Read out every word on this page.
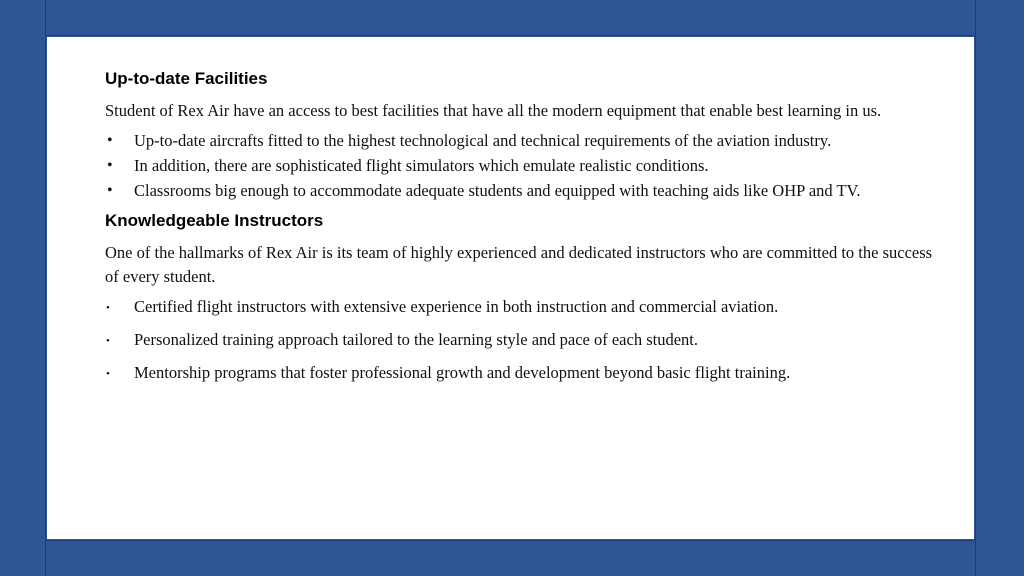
Up-to-date Facilities

Student of Rex Air have an access to best facilities that have all the modern equipment that enable best learning in us.

• Up-to-date aircrafts fitted to the highest technological and technical requirements of the aviation industry.
• In addition, there are sophisticated flight simulators which emulate realistic conditions.
• Classrooms big enough to accommodate adequate students and equipped with teaching aids like OHP and TV.
Knowledgeable Instructors

One of the hallmarks of Rex Air is its team of highly experienced and dedicated instructors who are committed to the success of every student.

• Certified flight instructors with extensive experience in both instruction and commercial aviation.
• Personalized training approach tailored to the learning style and pace of each student.
• Mentorship programs that foster professional growth and development beyond basic flight training.
